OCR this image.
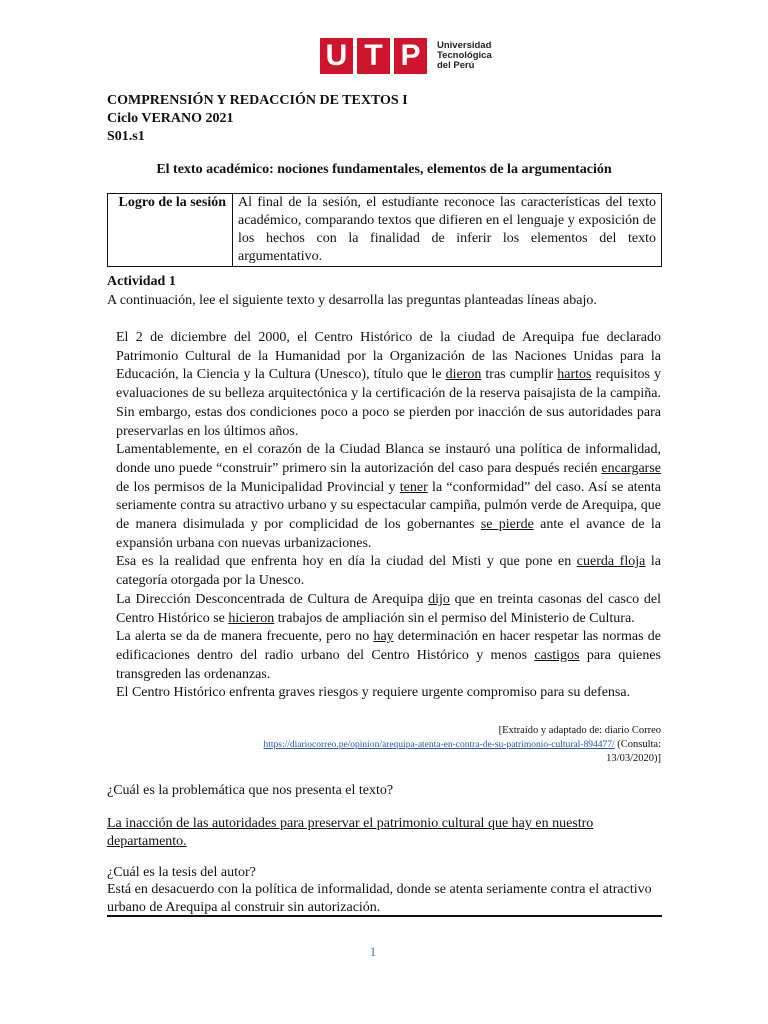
U T P	Universidad
Tecnológica
del Perú
COMPRENSIÓN Y REDACCIÓN DE TEXTOS I
Ciclo VERANO 2021
S01.s1
El texto académico: nociones fundamentales, elementos de la argumentación
Logro de la sesión	Al final de la sesión, el estudiante reconoce las características del texto académico, comparando textos que difieren en el lenguaje y exposición de los hechos con la finalidad de inferir los elementos del texto argumentativo.
Actividad 1
A continuación, lee el siguiente texto y desarrolla las preguntas planteadas líneas abajo.

El 2 de diciembre del 2000, el Centro Histórico de la ciudad de Arequipa fue declarado Patrimonio Cultural de la Humanidad por la Organización de las Naciones Unidas para la Educación, la Ciencia y la Cultura (Unesco), título que le dieron tras cumplir hartos requisitos y evaluaciones de su belleza arquitectónica y la certificación de la reserva paisajista de la campiña. Sin embargo, estas dos condiciones poco a poco se pierden por inacción de sus autoridades para preservarlas en los últimos años.

Lamentablemente, en el corazón de la Ciudad Blanca se instauró una política de informalidad, donde uno puede “construir” primero sin la autorización del caso para después recién encargarse de los permisos de la Municipalidad Provincial y tener la “conformidad” del caso. Así se atenta seriamente contra su atractivo urbano y su espectacular campiña, pulmón verde de Arequipa, que de manera disimulada y por complicidad de los gobernantes se pierde ante el avance de la expansión urbana con nuevas urbanizaciones.

Esa es la realidad que enfrenta hoy en día la ciudad del Misti y que pone en cuerda floja la categoría otorgada por la Unesco.

La Dirección Desconcentrada de Cultura de Arequipa dijo que en treinta casonas del casco del Centro Histórico se hicieron trabajos de ampliación sin el permiso del Ministerio de Cultura.

La alerta se da de manera frecuente, pero no hay determinación en hacer respetar las normas de edificaciones dentro del radio urbano del Centro Histórico y menos castigos para quienes transgreden las ordenanzas.

El Centro Histórico enfrenta graves riesgos y requiere urgente compromiso para su defensa.

[Extraído y adaptado de: diario Correo
https://diariocorreo.pe/opinion/arequipa-atenta-en-contra-de-su-patrimonio-cultural-894477/ (Consulta:
13/03/2020)]
¿Cuál es la problemática que nos presenta el texto?
La inacción de las autoridades para preservar el patrimonio cultural que hay en nuestro departamento.
¿Cuál es la tesis del autor?
Está en desacuerdo con la política de informalidad, donde se atenta seriamente contra el atractivo urbano de Arequipa al construir sin autorización.
1
